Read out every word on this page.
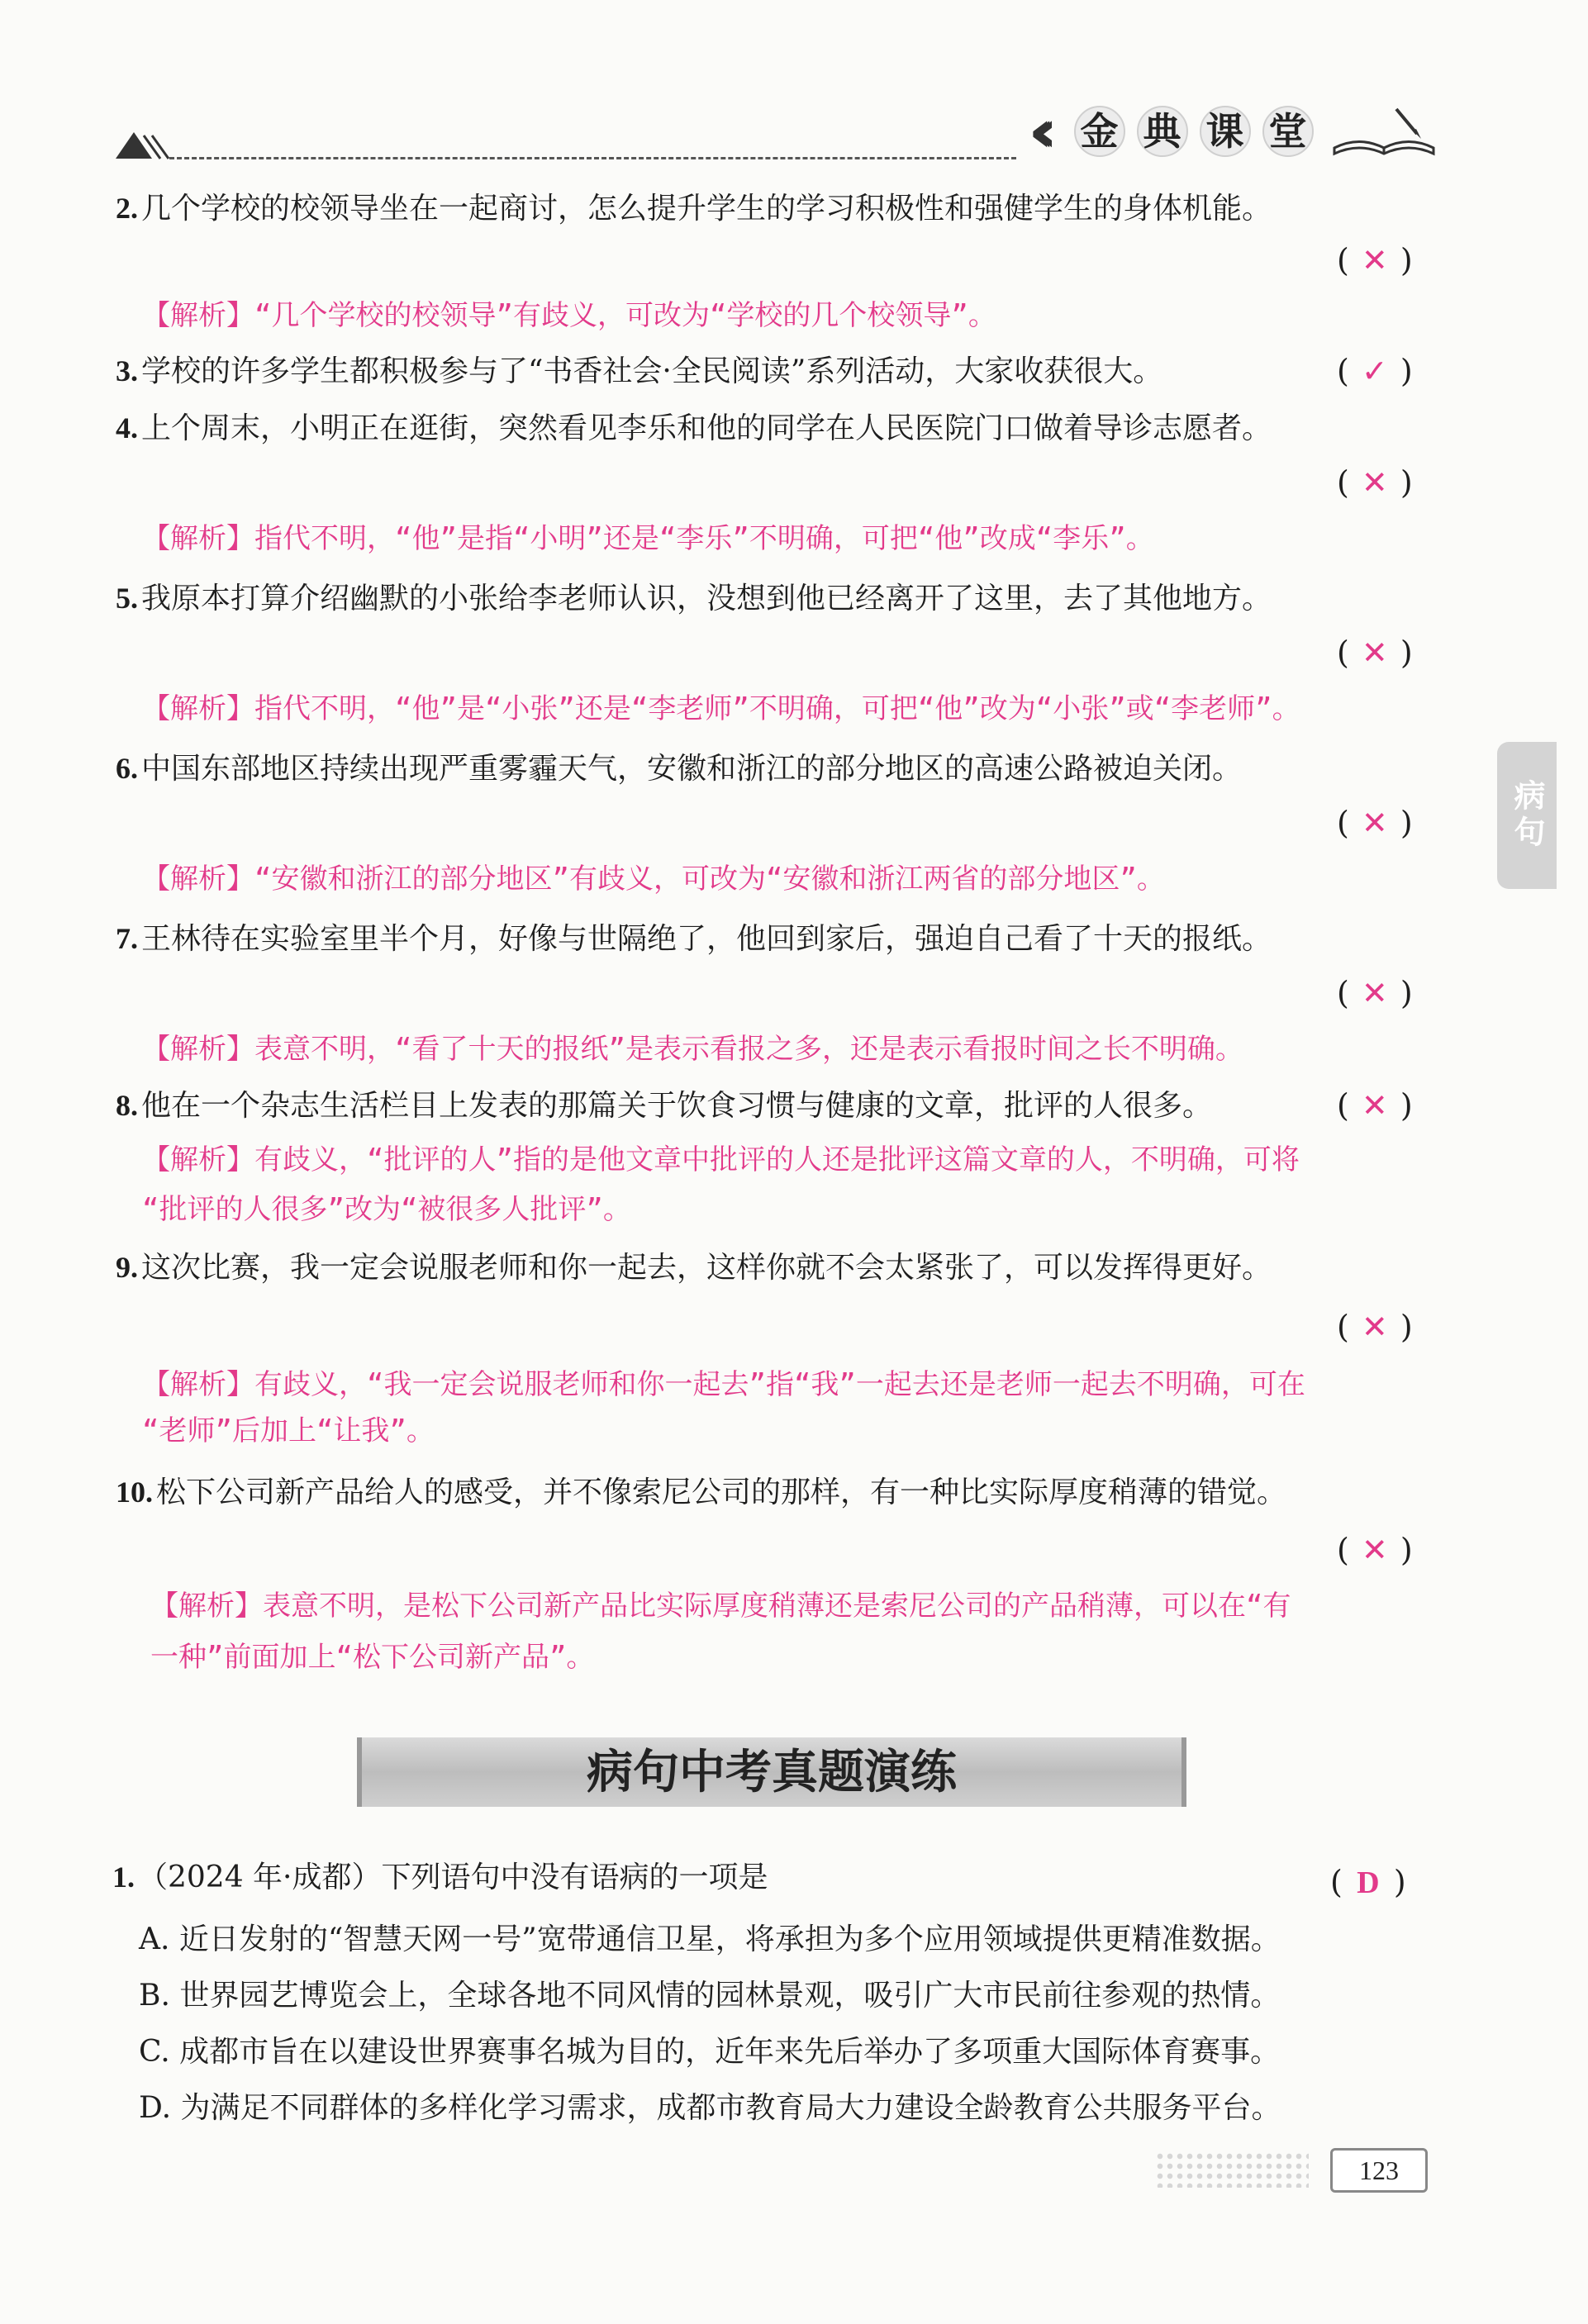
‹‹‹ 金 典 课 堂
病句
2. 几个学校的校领导坐在一起商讨，怎么提升学生的学习积极性和强健学生的身体机能。
( ✕ )
【解析】“几个学校的校领导”有歧义，可改为“学校的几个校领导”。
3. 学校的许多学生都积极参与了“书香社会·全民阅读”系列活动，大家收获很大。	( ✓ )
4. 上个周末，小明正在逛街，突然看见李乐和他的同学在人民医院门口做着导诊志愿者。
( ✕ )
【解析】指代不明，“他”是指“小明”还是“李乐”不明确，可把“他”改成“李乐”。
5. 我原本打算介绍幽默的小张给李老师认识，没想到他已经离开了这里，去了其他地方。
( ✕ )
【解析】指代不明，“他”是“小张”还是“李老师”不明确，可把“他”改为“小张”或“李老师”。
6. 中国东部地区持续出现严重雾霾天气，安徽和浙江的部分地区的高速公路被迫关闭。
( ✕ )
【解析】“安徽和浙江的部分地区”有歧义，可改为“安徽和浙江两省的部分地区”。
7. 王林待在实验室里半个月，好像与世隔绝了，他回到家后，强迫自己看了十天的报纸。
( ✕ )
【解析】表意不明，“看了十天的报纸”是表示看报之多，还是表示看报时间之长不明确。
8. 他在一个杂志生活栏目上发表的那篇关于饮食习惯与健康的文章，批评的人很多。	( ✕ )
【解析】有歧义，“批评的人”指的是他文章中批评的人还是批评这篇文章的人，不明确，可将
“批评的人很多”改为“被很多人批评”。
9. 这次比赛，我一定会说服老师和你一起去，这样你就不会太紧张了，可以发挥得更好。
( ✕ )
【解析】有歧义，“我一定会说服老师和你一起去”指“我”一起去还是老师一起去不明确，可在
“老师”后加上“让我”。
10. 松下公司新产品给人的感受，并不像索尼公司的那样，有一种比实际厚度稍薄的错觉。
( ✕ )
【解析】表意不明，是松下公司新产品比实际厚度稍薄还是索尼公司的产品稍薄，可以在“有
一种”前面加上“松下公司新产品”。
病句中考真题演练
1. （2024 年·成都）下列语句中没有语病的一项是	( D )
A. 近日发射的“智慧天网一号”宽带通信卫星，将承担为多个应用领域提供更精准数据。
B. 世界园艺博览会上，全球各地不同风情的园林景观，吸引广大市民前往参观的热情。
C. 成都市旨在以建设世界赛事名城为目的，近年来先后举办了多项重大国际体育赛事。
D. 为满足不同群体的多样化学习需求，成都市教育局大力建设全龄教育公共服务平台。
123
